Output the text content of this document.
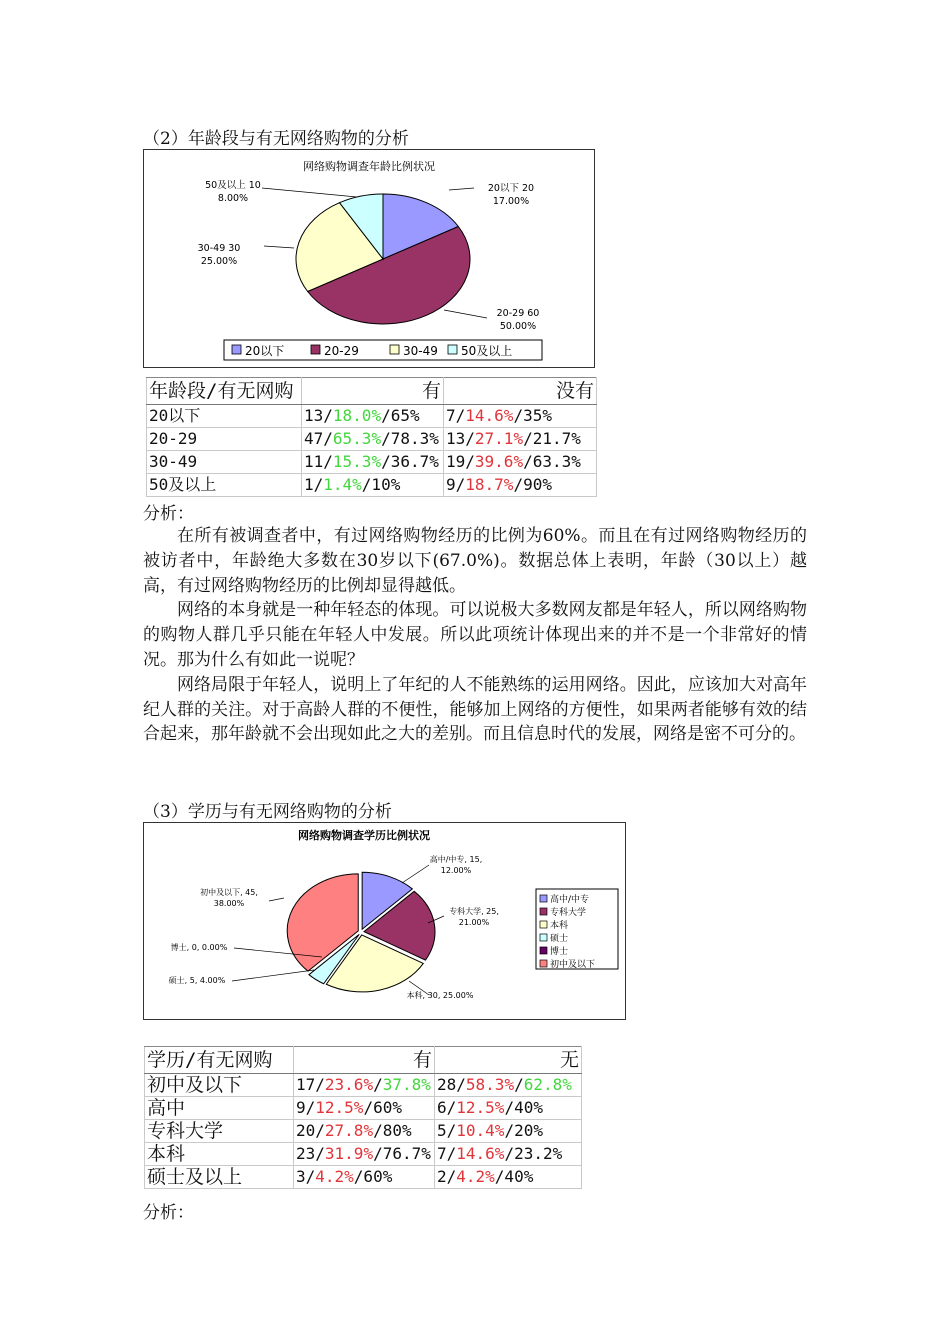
（2）年龄段与有无网络购物的分析
网络购物调查年龄比例状况
20以下 20
17.00%
20-29 60
50.00%
30-49 30
25.00%
50及以上 10
8.00%
20以下	20-29	30-49 50及以上
年龄段/有无网购	有	没有
20以下	13/18.0%/65%	7/14.6%/35%
20-29	47/65.3%/78.3%	13/27.1%/21.7%
30-49	11/15.3%/36.7%	19/39.6%/63.3%
50及以上	1/1.4%/10%	9/18.7%/90%
分析：

在所有被调查者中，有过网络购物经历的比例为60%。而且在有过网络购物经历的被访者中，年龄绝大多数在30岁以下(67.0%)。数据总体上表明，年龄（30以上）越高，有过网络购物经历的比例却显得越低。

网络的本身就是一种年轻态的体现。可以说极大多数网友都是年轻人，所以网络购物的购物人群几乎只能在年轻人中发展。所以此项统计体现出来的并不是一个非常好的情况。那为什么有如此一说呢？

网络局限于年轻人，说明上了年纪的人不能熟练的运用网络。因此，应该加大对高年纪人群的关注。对于高龄人群的不便性，能够加上网络的方便性，如果两者能够有效的结合起来，那年龄就不会出现如此之大的差别。而且信息时代的发展，网络是密不可分的。

（3）学历与有无网络购物的分析
网络购物调查学历比例状况
高中/中专, 15,
12.00%
专科大学, 25,
21.00%
本科, 30, 25.00%
硕士, 5, 4.00%
博士, 0, 0.00%
初中及以下, 45,
38.00%	高中/中专
专科大学
本科
硕士
博士
初中及以下
学历/有无网购	有	无
初中及以下	17/23.6%/37.8%	28/58.3%/62.8%
高中	9/12.5%/60%	6/12.5%/40%
专科大学	20/27.8%/80%	5/10.4%/20%
本科	23/31.9%/76.7%	7/14.6%/23.2%
硕士及以上	3/4.2%/60%	2/4.2%/40%
分析：
